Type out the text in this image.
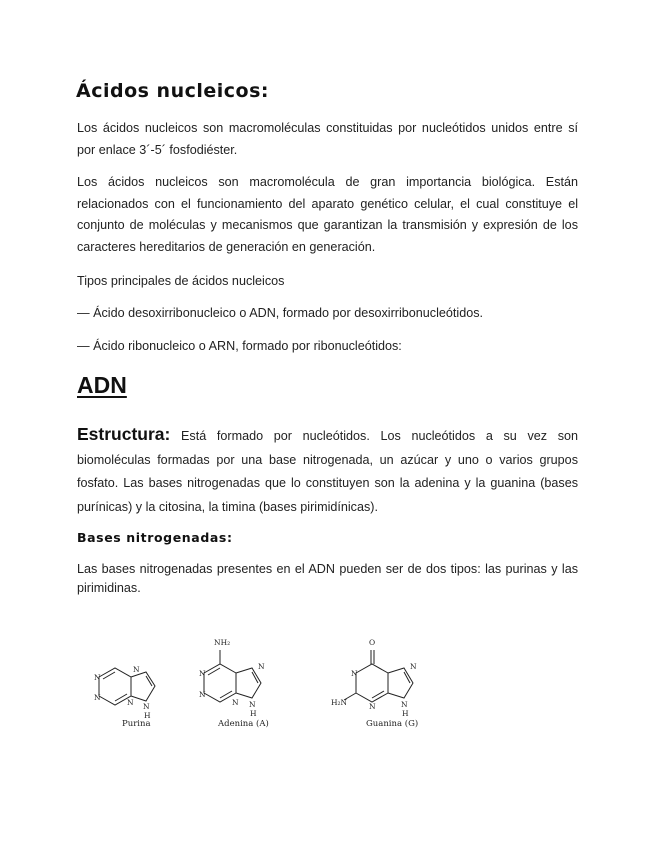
Ácidos nucleicos:

Los ácidos nucleicos son macromoléculas constituidas por nucleótidos unidos entre sí por enlace 3´-5´ fosfodiéster.

Los ácidos nucleicos son macromolécula de gran importancia biológica. Están relacionados con el funcionamiento del aparato genético celular, el cual constituye el conjunto de moléculas y mecanismos que garantizan la transmisión y expresión de los caracteres hereditarios de generación en generación.

Tipos principales de ácidos nucleicos

— Ácido desoxirribonucleico o ADN, formado por desoxirribonucleótidos.

— Ácido ribonucleico o ARN, formado por ribonucleótidos:

ADN

Estructura: Está formado por nucleótidos. Los nucleótidos a su vez son biomoléculas formadas por una base nitrogenada, un azúcar y uno o varios grupos fosfato. Las bases nitrogenadas que lo constituyen son la adenina y la guanina (bases purínicas) y la citosina, la timina (bases pirimidínicas).

Bases nitrogenadas:

Las bases nitrogenadas presentes en el ADN pueden ser de dos tipos: las purinas y las pirimidinas.

N
N
N
N N
H
NH₂
N
N
N
N N
H
O
N
N
H₂N	N	N
H
Purina	Adenina (A)	Guanina (G)
